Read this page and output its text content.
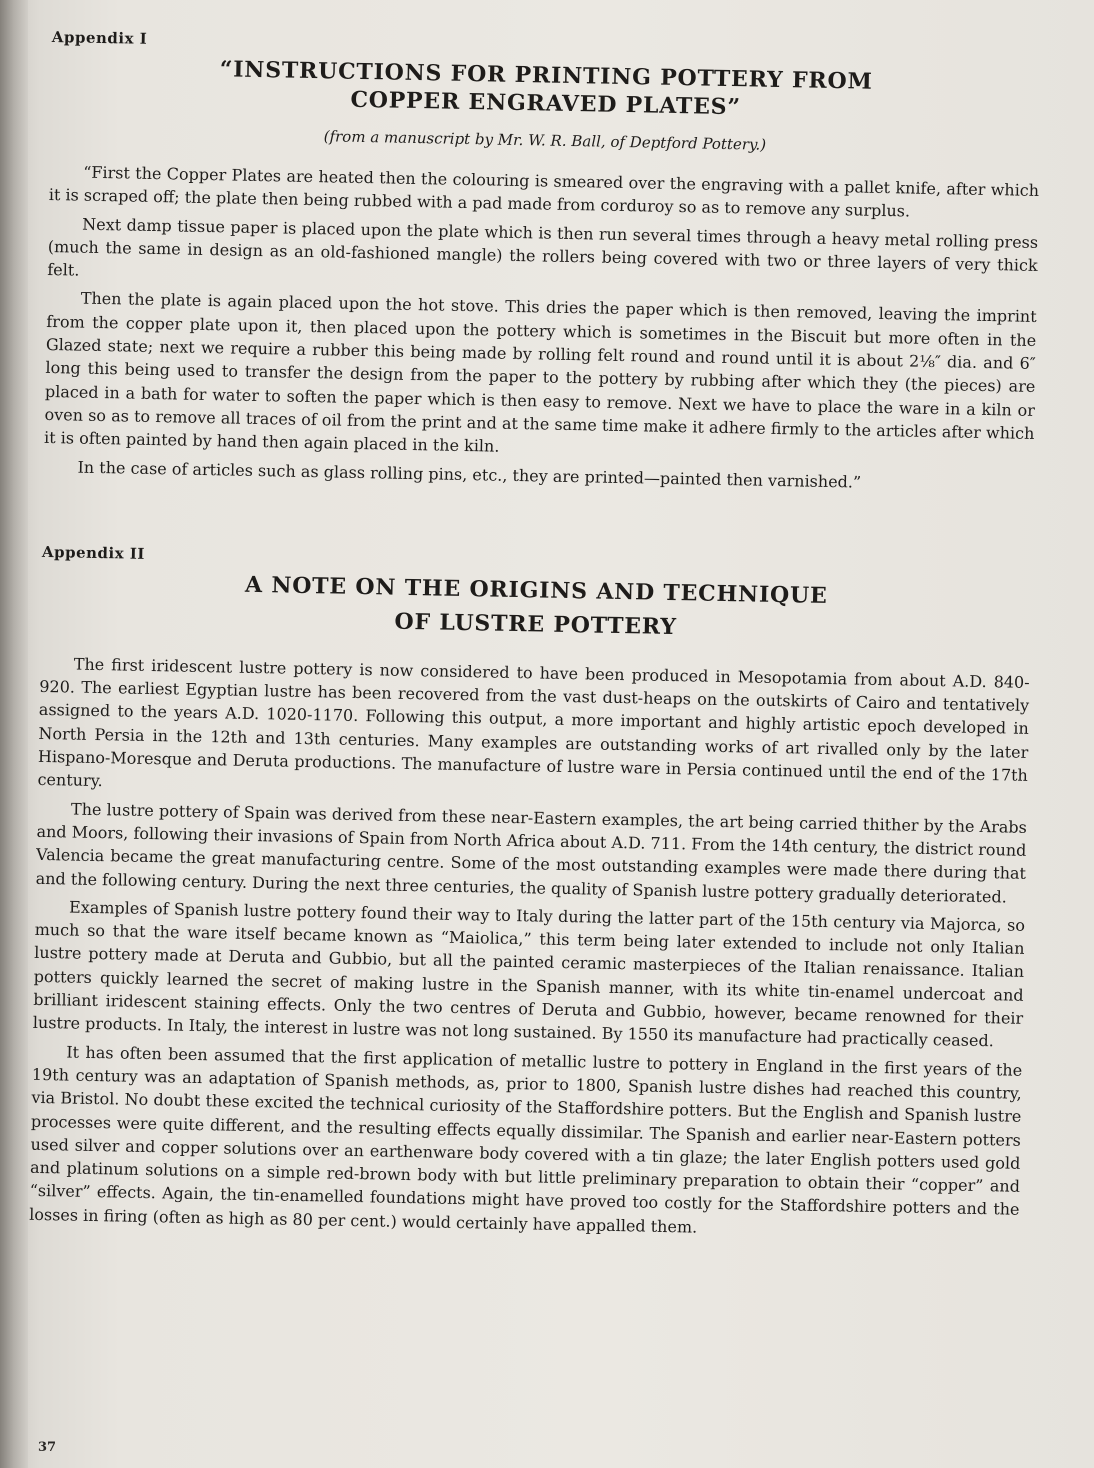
Appendix I

“INSTRUCTIONS FOR PRINTING POTTERY FROM

COPPER ENGRAVED PLATES”

(from a manuscript by Mr. W. R. Ball, of Deptford Pottery.)

“First the Copper Plates are heated then the colouring is smeared over the engraving with a pallet knife, after which it is scraped off; the plate then being rubbed with a pad made from corduroy so as to remove any surplus.

Next damp tissue paper is placed upon the plate which is then run several times through a heavy metal rolling press (much the same in design as an old-fashioned mangle) the rollers being covered with two or three layers of very thick felt.

Then the plate is again placed upon the hot stove. This dries the paper which is then removed, leaving the imprint from the copper plate upon it, then placed upon the pottery which is sometimes in the Biscuit but more often in the Glazed state; next we require a rubber this being made by rolling felt round and round until it is about 2⅛″ dia. and 6″ long this being used to transfer the design from the paper to the pottery by rubbing after which they (the pieces) are placed in a bath for water to soften the paper which is then easy to remove. Next we have to place the ware in a kiln or oven so as to remove all traces of oil from the print and at the same time make it adhere firmly to the articles after which it is often painted by hand then again placed in the kiln.

In the case of articles such as glass rolling pins, etc., they are printed—painted then varnished.”

Appendix II

A NOTE ON THE ORIGINS AND TECHNIQUE

OF LUSTRE POTTERY

The first iridescent lustre pottery is now considered to have been produced in Mesopotamia from about A.D. 840-920. The earliest Egyptian lustre has been recovered from the vast dust-heaps on the outskirts of Cairo and tentatively assigned to the years A.D. 1020-1170. Following this output, a more important and highly artistic epoch developed in North Persia in the 12th and 13th centuries. Many examples are outstanding works of art rivalled only by the later Hispano-Moresque and Deruta productions. The manufacture of lustre ware in Persia continued until the end of the 17th century.

The lustre pottery of Spain was derived from these near-Eastern examples, the art being carried thither by the Arabs and Moors, following their invasions of Spain from North Africa about A.D. 711. From the 14th century, the district round Valencia became the great manufacturing centre. Some of the most outstanding examples were made there during that and the following century. During the next three centuries, the quality of Spanish lustre pottery gradually deteriorated.

Examples of Spanish lustre pottery found their way to Italy during the latter part of the 15th century via Majorca, so much so that the ware itself became known as “Maiolica,” this term being later extended to include not only Italian lustre pottery made at Deruta and Gubbio, but all the painted ceramic masterpieces of the Italian renaissance. Italian potters quickly learned the secret of making lustre in the Spanish manner, with its white tin-enamel undercoat and brilliant iridescent staining effects. Only the two centres of Deruta and Gubbio, however, became renowned for their lustre products. In Italy, the interest in lustre was not long sustained. By 1550 its manufacture had practically ceased.

It has often been assumed that the first application of metallic lustre to pottery in England in the first years of the 19th century was an adaptation of Spanish methods, as, prior to 1800, Spanish lustre dishes had reached this country, via Bristol. No doubt these excited the technical curiosity of the Staffordshire potters. But the English and Spanish lustre processes were quite different, and the resulting effects equally dissimilar. The Spanish and earlier near-Eastern potters used silver and copper solutions over an earthenware body covered with a tin glaze; the later English potters used gold and platinum solutions on a simple red-brown body with but little preliminary preparation to obtain their “copper” and “silver” effects. Again, the tin-enamelled foundations might have proved too costly for the Staffordshire potters and the losses in firing (often as high as 80 per cent.) would certainly have appalled them.

37
